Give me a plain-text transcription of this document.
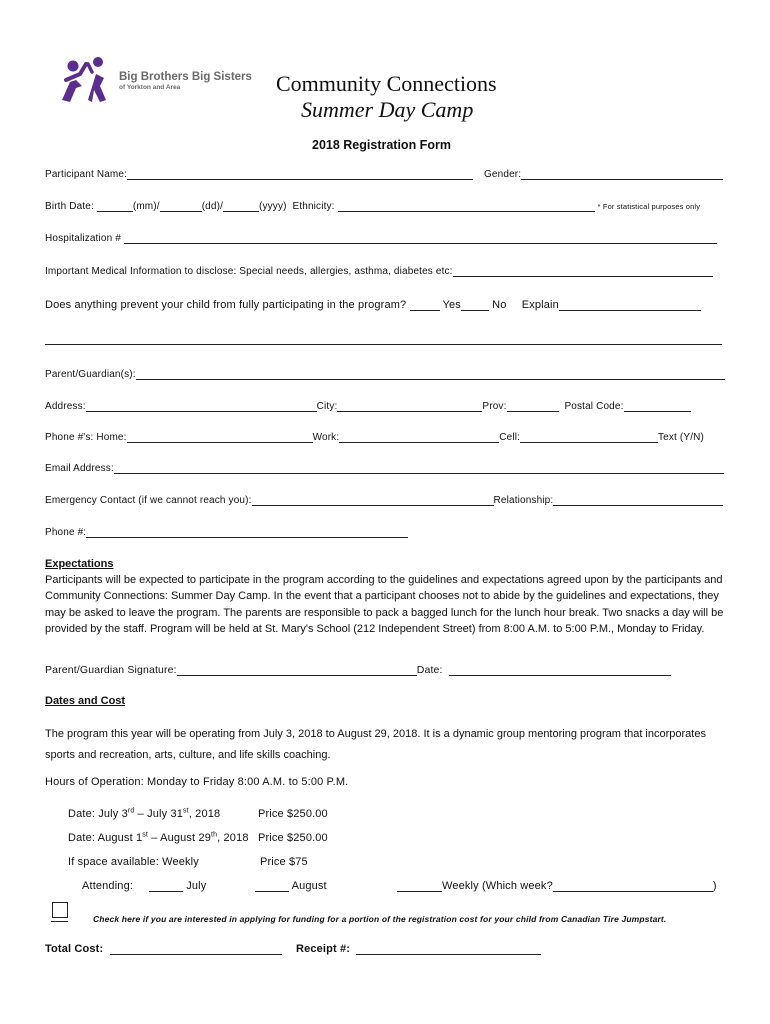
Big Brothers Big Sisters
of Yorkton and Area	Community Connections
Summer Day Camp
2018 Registration Form
Participant Name:	Gender:
Birth Date:	(mm)/	(dd)/	(yyyy) Ethnicity:	* For statistical purposes only
Hospitalization #
Important Medical Information to disclose: Special needs, allergies, asthma, diabetes etc:
Does anything prevent your child from fully participating in the program?	Yes	No Explain
Parent/Guardian(s):
Address:	City:	Prov:	Postal Code:
Phone #'s: Home:	Work:	Cell:	Text (Y/N)
Email Address:
Emergency Contact (if we cannot reach you):	Relationship:
Phone #:
Expectations
Participants will be expected to participate in the program according to the guidelines and expectations agreed upon by the participants and Community Connections: Summer Day Camp. In the event that a participant chooses not to abide by the guidelines and expectations, they may be asked to leave the program. The parents are responsible to pack a bagged lunch for the lunch hour break. Two snacks a day will be provided by the staff. Program will be held at St. Mary's School (212 Independent Street) from 8:00 A.M. to 5:00 P.M., Monday to Friday.
Parent/Guardian Signature:	Date:
Dates and Cost
The program this year will be operating from July 3, 2018 to August 29, 2018. It is a dynamic group mentoring program that incorporates sports and recreation, arts, culture, and life skills coaching.
Hours of Operation: Monday to Friday 8:00 A.M. to 5:00 P.M.
Date: July 3rd – July 31st, 2018	Price $250.00
Date: August 1st – August 29th, 2018 Price $250.00
If space available: Weekly	Price $75
Attending:	July	August	Weekly (Which week?	)
Check here if you are interested in applying for funding for a portion of the registration cost for your child from Canadian Tire Jumpstart.
Total Cost:	Receipt #:
